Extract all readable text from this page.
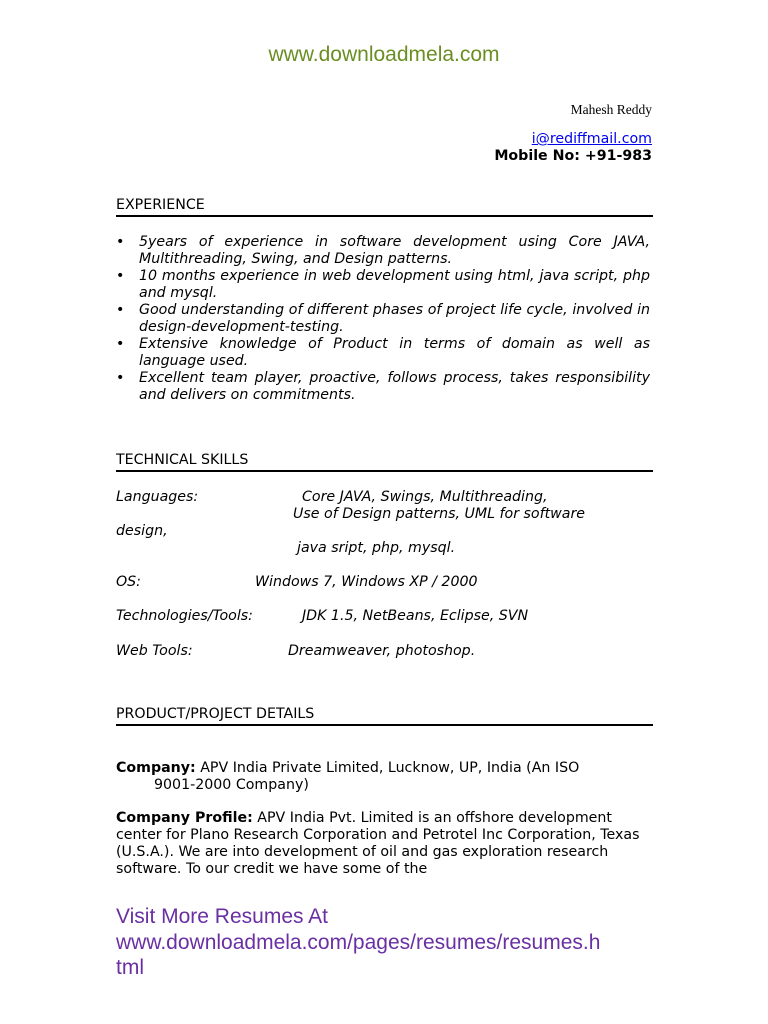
www.downloadmela.com
Mahesh Reddy
i@rediffmail.com
Mobile No: +91-983
EXPERIENCE
• 5years of experience in software development using Core JAVA, Multithreading, Swing, and Design patterns.
• 10 months experience in web development using html, java script, php and mysql.
• Good understanding of different phases of project life cycle, involved in design-development-testing.
• Extensive knowledge of Product in terms of domain as well as language used.
• Excellent team player, proactive, follows process, takes responsibility and delivers on commitments.
TECHNICAL SKILLS
Languages:	Core JAVA, Swings, Multithreading,
Use of Design patterns, UML for software
design,
java sript, php, mysql.
OS:	Windows 7, Windows XP / 2000
Technologies/Tools:	JDK 1.5, NetBeans, Eclipse, SVN
Web Tools:	Dreamweaver, photoshop.
PRODUCT/PROJECT DETAILS
Company: APV India Private Limited, Lucknow, UP, India (An ISO
9001-2000 Company)
Company Profile: APV India Pvt. Limited is an offshore development center for Plano Research Corporation and Petrotel Inc Corporation, Texas (U.S.A.). We are into development of oil and gas exploration research software. To our credit we have some of the
Visit More Resumes At
www.downloadmela.com/pages/resumes/resumes.h
tml
